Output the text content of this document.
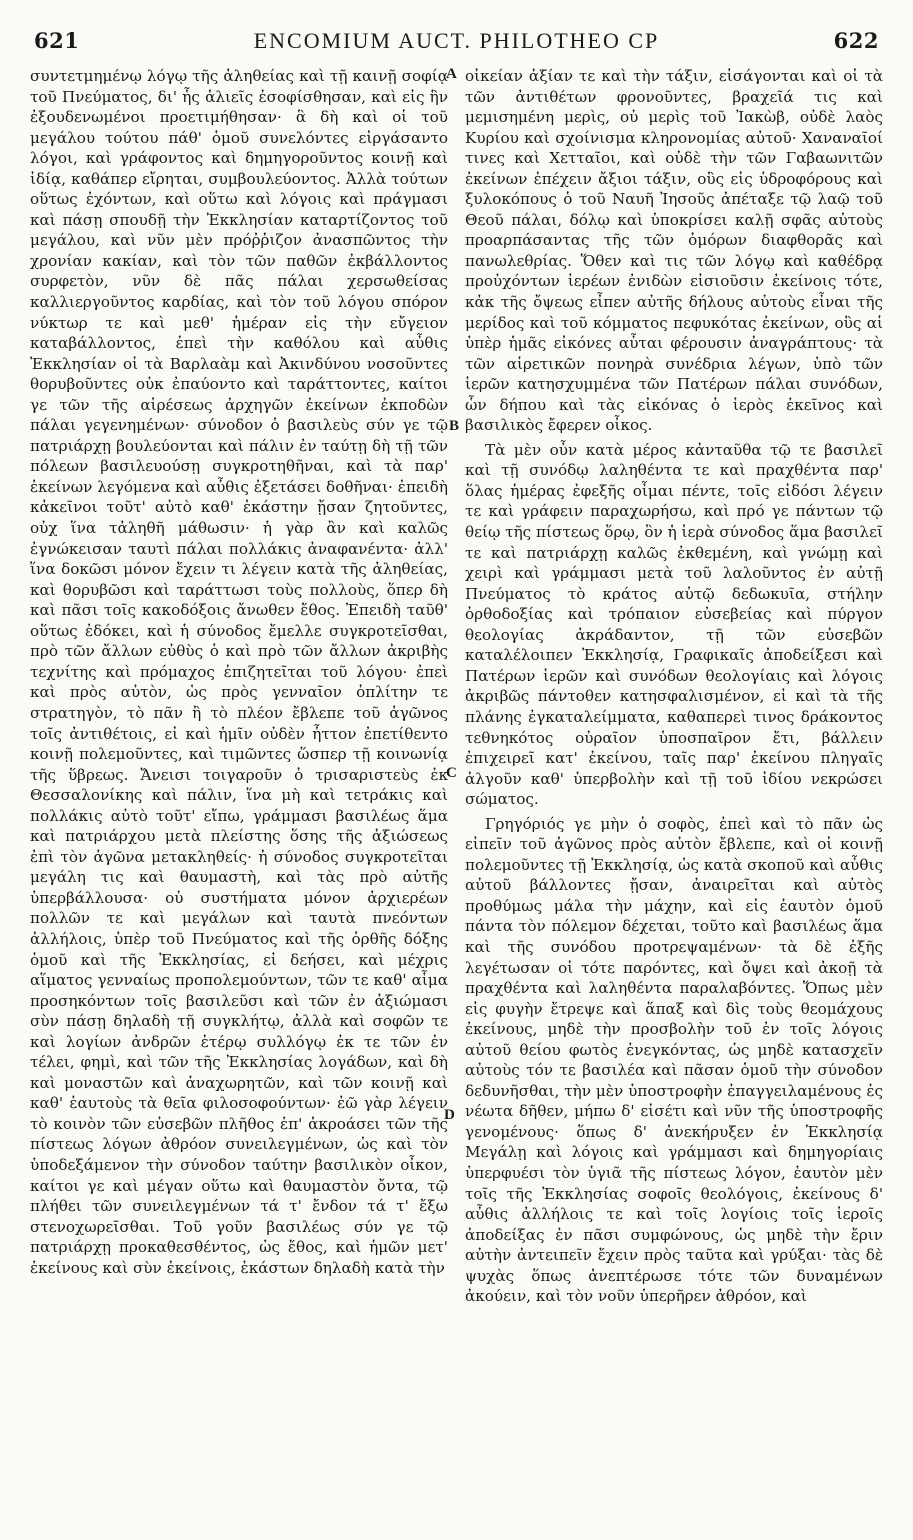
621	ENCOMIUM AUCT. PHILOTHEO CP	622

συντετμημένῳ λόγῳ τῆς ἀληθείας καὶ τῇ καινῇ σοφίᾳ τοῦ Πνεύματος, δι' ἧς ἁλιεῖς ἐσοφίσθησαν, καὶ εἰς ἣν ἐξουδενωμένοι προετιμήθησαν· ἃ δὴ καὶ οἱ τοῦ μεγάλου τούτου πάθ' ὁμοῦ συνελόντες εἰργάσαντο λόγοι, καὶ γράφοντος καὶ δημηγοροῦντος κοινῇ καὶ ἰδίᾳ, καθάπερ εἴρηται, συμβουλεύοντος. Ἀλλὰ τούτων οὕτως ἐχόντων, καὶ οὕτω καὶ λόγοις καὶ πράγμασι καὶ πάσῃ σπουδῇ τὴν Ἐκκλησίαν καταρτίζοντος τοῦ μεγάλου, καὶ νῦν μὲν πρόῤῥιζον ἀνασπῶντος τὴν χρονίαν κακίαν, καὶ τὸν τῶν παθῶν ἐκβάλλοντος συρφετὸν, νῦν δὲ πᾶς πάλαι χερσωθείσας καλλιεργοῦντος καρδίας, καὶ τὸν τοῦ λόγου σπόρον νύκτωρ τε καὶ μεθ' ἡμέραν εἰς τὴν εὔγειον καταβάλλοντος, ἐπεὶ τὴν καθόλου καὶ αὖθις Ἐκκλησίαν οἱ τὰ Βαρλαὰμ καὶ Ἀκινδύνου νοσοῦντες θορυβοῦντες οὐκ ἐπαύοντο καὶ ταράττοντες, καίτοι γε τῶν τῆς αἱρέσεως ἀρχηγῶν ἐκείνων ἐκποδὼν πάλαι γεγενημένων· σύνοδον ὁ βασιλεὺς σύν γε τῷ πατριάρχῃ βουλεύονται καὶ πάλιν ἐν ταύτῃ δὴ τῇ τῶν πόλεων βασιλευούσῃ συγκροτηθῆναι, καὶ τὰ παρ' ἐκείνων λεγόμενα καὶ αὖθις ἐξετάσει δοθῆναι· ἐπειδὴ κἀκεῖνοι τοῦτ' αὐτὸ καθ' ἑκάστην ᾔσαν ζητοῦντες, οὐχ ἵνα τἀληθῆ μάθωσιν· ἡ γὰρ ἂν καὶ καλῶς ἐγνώκεισαν ταυτὶ πάλαι πολλάκις ἀναφανέντα· ἀλλ' ἵνα δοκῶσι μόνον ἔχειν τι λέγειν κατὰ τῆς ἀληθείας, καὶ θορυβῶσι καὶ ταράττωσι τοὺς πολλοὺς, ὅπερ δὴ καὶ πᾶσι τοῖς κακοδόξοις ἄνωθεν ἔθος. Ἐπειδὴ ταῦθ' οὕτως ἐδόκει, καὶ ἡ σύνοδος ἔμελλε συγκροτεῖσθαι, πρὸ τῶν ἄλλων εὐθὺς ὁ καὶ πρὸ τῶν ἄλλων ἀκριβὴς τεχνίτης καὶ πρόμαχος ἐπιζητεῖται τοῦ λόγου· ἐπεὶ καὶ πρὸς αὐτὸν, ὡς πρὸς γενναῖον ὁπλίτην τε στρατηγὸν, τὸ πᾶν ἢ τὸ πλέον ἔβλεπε τοῦ ἀγῶνος τοῖς ἀντιθέτοις, εἰ καὶ ἡμῖν οὐδὲν ἧττον ἐπετίθεντο κοινῇ πολεμοῦντες, καὶ τιμῶντες ὥσπερ τῇ κοινωνίᾳ τῆς ὕβρεως. Ἄνεισι τοιγαροῦν ὁ τρισαριστεὺς ἐκ Θεσσαλονίκης καὶ πάλιν, ἵνα μὴ καὶ τετράκις καὶ πολλάκις αὐτὸ τοῦτ' εἴπω, γράμμασι βασιλέως ἅμα καὶ πατριάρχου μετὰ πλείστης ὅσης τῆς ἀξιώσεως ἐπὶ τὸν ἀγῶνα μετακληθείς· ἡ σύνοδος συγκροτεῖται μεγάλη τις καὶ θαυμαστὴ, καὶ τὰς πρὸ αὐτῆς ὑπερβάλλουσα· οὐ συστήματα μόνον ἀρχιερέων πολλῶν τε καὶ μεγάλων καὶ ταυτὰ πνεόντων ἀλλήλοις, ὑπὲρ τοῦ Πνεύματος καὶ τῆς ὀρθῆς δόξης ὁμοῦ καὶ τῆς Ἐκκλησίας, εἰ δεήσει, καὶ μέχρις αἵματος γενναίως προπολεμούντων, τῶν τε καθ' αἷμα προσηκόντων τοῖς βασιλεῦσι καὶ τῶν ἐν ἀξιώμασι σὺν πάσῃ δηλαδὴ τῇ συγκλήτῳ, ἀλλὰ καὶ σοφῶν τε καὶ λογίων ἀνδρῶν ἑτέρῳ συλλόγῳ ἐκ τε τῶν ἐν τέλει, φημὶ, καὶ τῶν τῆς Ἐκκλησίας λογάδων, καὶ δὴ καὶ μοναστῶν καὶ ἀναχωρητῶν, καὶ τῶν κοινῇ καὶ καθ' ἑαυτοὺς τὰ θεῖα φιλοσοφούντων· ἐῶ γὰρ λέγειν τὸ κοινὸν τῶν εὐσεβῶν πλῆθος ἐπ' ἀκροάσει τῶν τῆς πίστεως λόγων ἀθρόον συνειλεγμένων, ὡς καὶ τὸν ὑποδεξάμενον τὴν σύνοδον ταύτην βασιλικὸν οἶκον, καίτοι γε καὶ μέγαν οὕτω καὶ θαυμαστὸν ὄντα, τῷ πλήθει τῶν συνειλεγμένων τά τ' ἔνδον τά τ' ἔξω στενοχωρεῖσθαι. Τοῦ γοῦν βασιλέως σύν γε τῷ πατριάρχῃ προκαθεσθέντος, ὡς ἔθος, καὶ ἡμῶν μετ' ἐκείνους καὶ σὺν ἐκείνοις, ἑκάστων δηλαδὴ κατὰ τὴν

A
B
C
D

οἰκείαν ἀξίαν τε καὶ τὴν τάξιν, εἰσάγονται καὶ οἱ τὰ τῶν ἀντιθέτων φρονοῦντες, βραχεῖά τις καὶ μεμισημένη μερὶς, οὐ μερὶς τοῦ Ἰακὼβ, οὐδὲ λαὸς Κυρίου καὶ σχοίνισμα κληρονομίας αὐτοῦ· Χαναναῖοί τινες καὶ Χετταῖοι, καὶ οὐδὲ τὴν τῶν Γαβαωνιτῶν ἐκείνων ἐπέχειν ἄξιοι τάξιν, οὓς εἰς ὑδροφόρους καὶ ξυλοκόπους ὁ τοῦ Ναυῆ Ἰησοῦς ἀπέταξε τῷ λαῷ τοῦ Θεοῦ πάλαι, δόλῳ καὶ ὑποκρίσει καλῇ σφᾶς αὐτοὺς προαρπάσαντας τῆς τῶν ὁμόρων διαφθορᾶς καὶ πανωλεθρίας. Ὅθεν καὶ τις τῶν λόγῳ καὶ καθέδρᾳ προὐχόντων ἱερέων ἐνιδὼν εἰσιοῦσιν ἐκείνοις τότε, κἀκ τῆς ὄψεως εἶπεν αὐτῆς δήλους αὐτοὺς εἶναι τῆς μερίδος καὶ τοῦ κόμματος πεφυκότας ἐκείνων, οὓς αἱ ὑπὲρ ἡμᾶς εἰκόνες αὗται φέρουσιν ἀναγράπτους· τὰ τῶν αἱρετικῶν πονηρὰ συνέδρια λέγων, ὑπὸ τῶν ἱερῶν κατησχυμμένα τῶν Πατέρων πάλαι συνόδων, ὧν δήπου καὶ τὰς εἰκόνας ὁ ἱερὸς ἐκεῖνος καὶ βασιλικὸς ἔφερεν οἶκος.

Τὰ μὲν οὖν κατὰ μέρος κἀνταῦθα τῷ τε βασιλεῖ καὶ τῇ συνόδῳ λαληθέντα τε καὶ πραχθέντα παρ' ὅλας ἡμέρας ἐφεξῆς οἶμαι πέντε, τοῖς εἰδόσι λέγειν τε καὶ γράφειν παραχωρήσω, καὶ πρό γε πάντων τῷ θείῳ τῆς πίστεως ὅρῳ, ὃν ἡ ἱερὰ σύνοδος ἅμα βασιλεῖ τε καὶ πατριάρχῃ καλῶς ἐκθεμένη, καὶ γνώμῃ καὶ χειρὶ καὶ γράμμασι μετὰ τοῦ λαλοῦντος ἐν αὐτῇ Πνεύματος τὸ κράτος αὐτῷ δεδωκυῖα, στήλην ὀρθοδοξίας καὶ τρόπαιον εὐσεβείας καὶ πύργον θεολογίας ἀκράδαντον, τῇ τῶν εὐσεβῶν καταλέλοιπεν Ἐκκλησίᾳ, Γραφικαῖς ἀποδείξεσι καὶ Πατέρων ἱερῶν καὶ συνόδων θεολογίαις καὶ λόγοις ἀκριβῶς πάντοθεν κατησφαλισμένον, εἰ καὶ τὰ τῆς πλάνης ἐγκαταλείμματα, καθαπερεὶ τινος δράκοντος τεθνηκότος οὐραῖον ὑποσπαῖρον ἔτι, βάλλειν ἐπιχειρεῖ κατ' ἐκείνου, ταῖς παρ' ἐκείνου πληγαῖς ἀλγοῦν καθ' ὑπερβολὴν καὶ τῇ τοῦ ἰδίου νεκρώσει σώματος.

Γρηγόριός γε μὴν ὁ σοφὸς, ἐπεὶ καὶ τὸ πᾶν ὡς εἰπεῖν τοῦ ἀγῶνος πρὸς αὐτὸν ἔβλεπε, καὶ οἱ κοινῇ πολεμοῦντες τῇ Ἐκκλησίᾳ, ὡς κατὰ σκοποῦ καὶ αὖθις αὐτοῦ βάλλοντες ᾔσαν, ἀναιρεῖται καὶ αὐτὸς προθύμως μάλα τὴν μάχην, καὶ εἰς ἑαυτὸν ὁμοῦ πάντα τὸν πόλεμον δέχεται, τοῦτο καὶ βασιλέως ἅμα καὶ τῆς συνόδου προτρεψαμένων· τὰ δὲ ἐξῆς λεγέτωσαν οἱ τότε παρόντες, καὶ ὄψει καὶ ἀκοῇ τὰ πραχθέντα καὶ λαληθέντα παραλαβόντες. Ὅπως μὲν εἰς φυγὴν ἔτρεψε καὶ ἅπαξ καὶ δὶς τοὺς θεομάχους ἐκείνους, μηδὲ τὴν προσβολὴν τοῦ ἐν τοῖς λόγοις αὐτοῦ θείου φωτὸς ἐνεγκόντας, ὡς μηδὲ κατασχεῖν αὐτοὺς τόν τε βασιλέα καὶ πᾶσαν ὁμοῦ τὴν σύνοδον δεδυνῆσθαι, τὴν μὲν ὑποστροφὴν ἐπαγγειλαμένους ἐς νέωτα δῆθεν, μήπω δ' εἰσέτι καὶ νῦν τῆς ὑποστροφῆς γενομένους· ὅπως δ' ἀνεκήρυξεν ἐν Ἐκκλησίᾳ Μεγάλῃ καὶ λόγοις καὶ γράμμασι καὶ δημηγορίαις ὑπερφυέσι τὸν ὑγιᾶ τῆς πίστεως λόγον, ἑαυτὸν μὲν τοῖς τῆς Ἐκκλησίας σοφοῖς θεολόγοις, ἐκείνους δ' αὖθις ἀλλήλοις τε καὶ τοῖς λογίοις τοῖς ἱεροῖς ἀποδείξας ἐν πᾶσι συμφώνους, ὡς μηδὲ τὴν ἔριν αὐτὴν ἀντειπεῖν ἔχειν πρὸς ταῦτα καὶ γρύξαι· τὰς δὲ ψυχὰς ὅπως ἀνεπτέρωσε τότε τῶν δυναμένων ἀκούειν, καὶ τὸν νοῦν ὑπερῆρεν ἀθρόον, καὶ
